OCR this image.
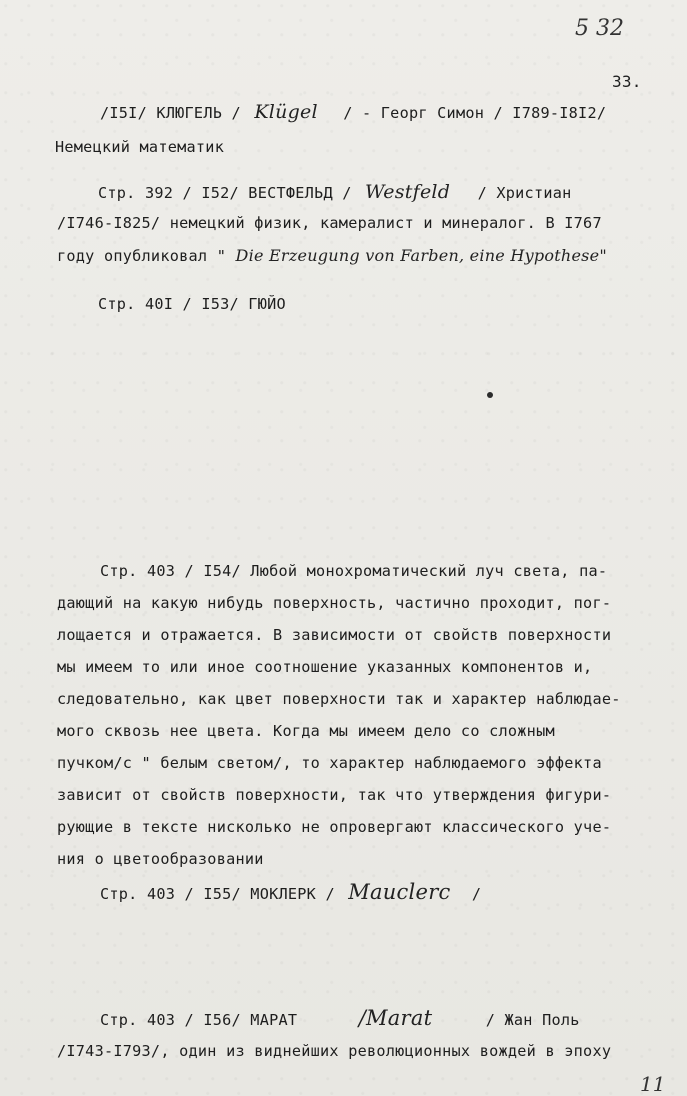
5 32
33.
/I5I/ КЛЮГЕЛЬ / Klügel / - Георг Симон / I789-I8I2/
Немецкий математик
Стр. 392 / I52/ ВЕСТФЕЛЬД / Westfeld / Христиан
/I746-I825/ немецкий физик, камералист и минералог. В I767
году опубликовал " Die Erzeugung von Farben, eine Hypothese"
Стр. 40I / I53/ ГЮЙО
Стр. 403 / I54/ Любой монохроматический луч света, па-
дающий на какую нибудь поверхность, частично проходит, пог-
лощается и отражается. В зависимости от свойств поверхности
мы имеем то или иное соотношение указанных компонентов и,
следовательно, как цвет поверхности так и характер наблюдае-
мого сквозь нее цвета. Когда мы имеем дело со сложным
пучком/с " белым светом/, то характер наблюдаемого эффекта
зависит от свойств поверхности, так что утверждения фигури-
рующие в тексте нисколько не опровергают классического уче-
ния о цветообразовании
Стр. 403 / I55/ МОКЛЕРК / Mauclerc /
Стр. 403 / I56/ МАРАТ	/Marat	/ Жан Поль
/I743-I793/, один из виднейших революционных вождей в эпоху
11
